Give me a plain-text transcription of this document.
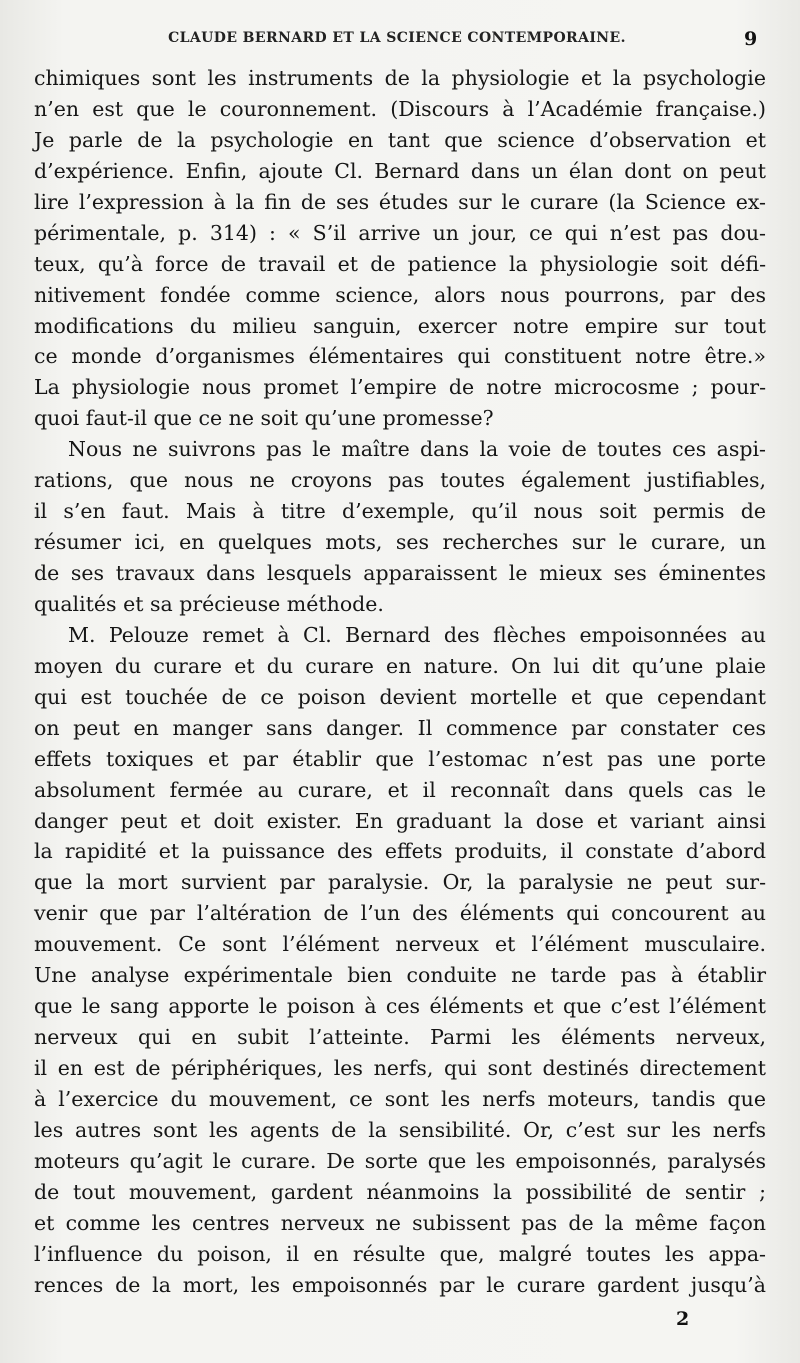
CLAUDE BERNARD ET LA SCIENCE CONTEMPORAINE.	9
chimiques sont les instruments de la physiologie et la psychologie
n’en est que le couronnement. (Discours à l’Académie française.)
Je parle de la psychologie en tant que science d’observation et
d’expérience. Enfin, ajoute Cl. Bernard dans un élan dont on peut
lire l’expression à la fin de ses études sur le curare (la Science ex-
périmentale, p. 314) : « S’il arrive un jour, ce qui n’est pas dou-
teux, qu’à force de travail et de patience la physiologie soit défi-
nitivement fondée comme science, alors nous pourrons, par des
modifications du milieu sanguin, exercer notre empire sur tout
ce monde d’organismes élémentaires qui constituent notre être.»
La physiologie nous promet l’empire de notre microcosme ; pour-
quoi faut-il que ce ne soit qu’une promesse?
Nous ne suivrons pas le maître dans la voie de toutes ces aspi-
rations, que nous ne croyons pas toutes également justifiables,
il s’en faut. Mais à titre d’exemple, qu’il nous soit permis de
résumer ici, en quelques mots, ses recherches sur le curare, un
de ses travaux dans lesquels apparaissent le mieux ses éminentes
qualités et sa précieuse méthode.
M. Pelouze remet à Cl. Bernard des flèches empoisonnées au
moyen du curare et du curare en nature. On lui dit qu’une plaie
qui est touchée de ce poison devient mortelle et que cependant
on peut en manger sans danger. Il commence par constater ces
effets toxiques et par établir que l’estomac n’est pas une porte
absolument fermée au curare, et il reconnaît dans quels cas le
danger peut et doit exister. En graduant la dose et variant ainsi
la rapidité et la puissance des effets produits, il constate d’abord
que la mort survient par paralysie. Or, la paralysie ne peut sur-
venir que par l’altération de l’un des éléments qui concourent au
mouvement. Ce sont l’élément nerveux et l’élément musculaire.
Une analyse expérimentale bien conduite ne tarde pas à établir
que le sang apporte le poison à ces éléments et que c’est l’élément
nerveux qui en subit l’atteinte. Parmi les éléments nerveux,
il en est de périphériques, les nerfs, qui sont destinés directement
à l’exercice du mouvement, ce sont les nerfs moteurs, tandis que
les autres sont les agents de la sensibilité. Or, c’est sur les nerfs
moteurs qu’agit le curare. De sorte que les empoisonnés, paralysés
de tout mouvement, gardent néanmoins la possibilité de sentir ;
et comme les centres nerveux ne subissent pas de la même façon
l’influence du poison, il en résulte que, malgré toutes les appa-
rences de la mort, les empoisonnés par le curare gardent jusqu’à
2
